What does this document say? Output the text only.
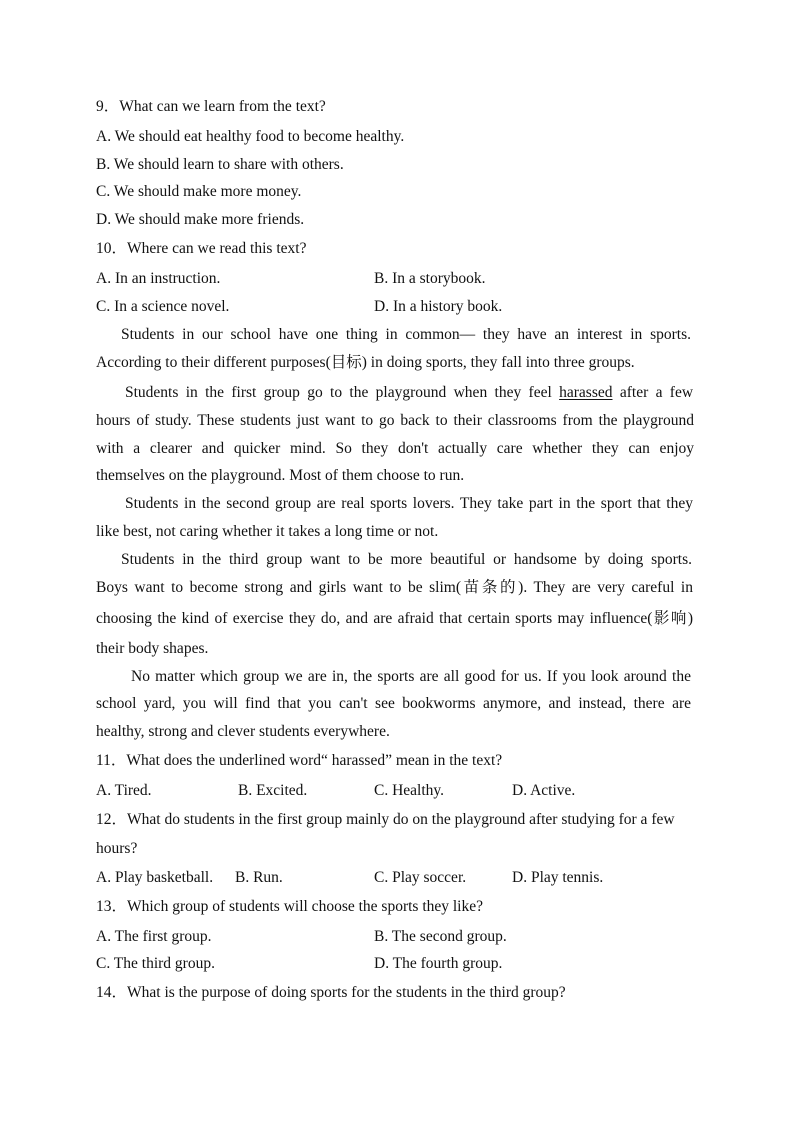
9．What can we learn from the text?
A. We should eat healthy food to become healthy.
B. We should learn to share with others.
C. We should make more money.
D. We should make more friends.
10．Where can we read this text?
A. In an instruction.	B. In a storybook.
C. In a science novel.	D. In a history book.
Students in our school have one thing in common— they have an interest in sports.
According to their different purposes(目标) in doing sports, they fall into three groups.
Students in the first group go to the playground when they feel harassed after a few
hours of study. These students just want to go back to their classrooms from the playground
with a clearer and quicker mind. So they don't actually care whether they can enjoy
themselves on the playground. Most of them choose to run.
Students in the second group are real sports lovers. They take part in the sport that they
like best, not caring whether it takes a long time or not.
Students in the third group want to be more beautiful or handsome by doing sports.
Boys want to become strong and girls want to be slim(苗条的). They are very careful in
choosing the kind of exercise they do, and are afraid that certain sports may influence(影响)
their body shapes.
No matter which group we are in, the sports are all good for us. If you look around the
school yard, you will find that you can't see bookworms anymore, and instead, there are
healthy, strong and clever students everywhere.
11．What does the underlined word“ harassed” mean in the text?
A. Tired.	B. Excited.	C. Healthy.	D. Active.
12．What do students in the first group mainly do on the playground after studying for a few
hours?
A. Play basketball. B. Run.	C. Play soccer.	D. Play tennis.
13．Which group of students will choose the sports they like?
A. The first group.	B. The second group.
C. The third group.	D. The fourth group.
14．What is the purpose of doing sports for the students in the third group?
